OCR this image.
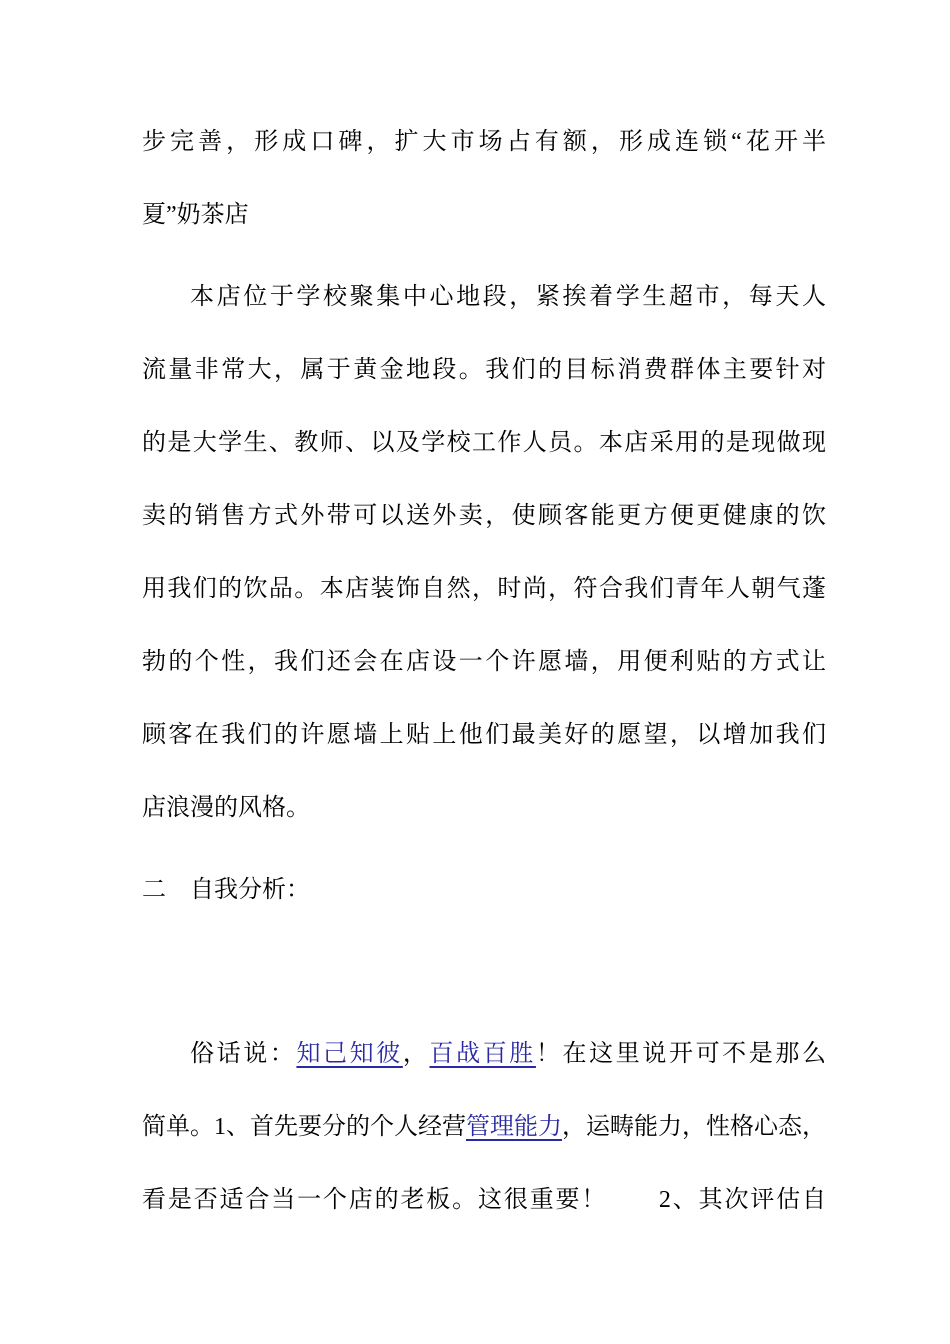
步完善，形成口碑，扩大市场占有额，形成连锁“花开半
夏”奶茶店
本店位于学校聚集中心地段，紧挨着学生超市，每天人
流量非常大，属于黄金地段。我们的目标消费群体主要针对
的是大学生、教师、以及学校工作人员。本店采用的是现做现
卖的销售方式外带可以送外卖，使顾客能更方便更健康的饮
用我们的饮品。本店装饰自然，时尚，符合我们青年人朝气蓬
勃的个性，我们还会在店设一个许愿墙，用便利贴的方式让
顾客在我们的许愿墙上贴上他们最美好的愿望，以增加我们
店浪漫的风格。
二　自我分析：
俗话说：知己知彼，百战百胜！在这里说开可不是那么
简单。1、首先要分的个人经营管理能力，运畴能力，性格心态，
看是否适合当一个店的老板。这很重要！　　2、其次评估自
